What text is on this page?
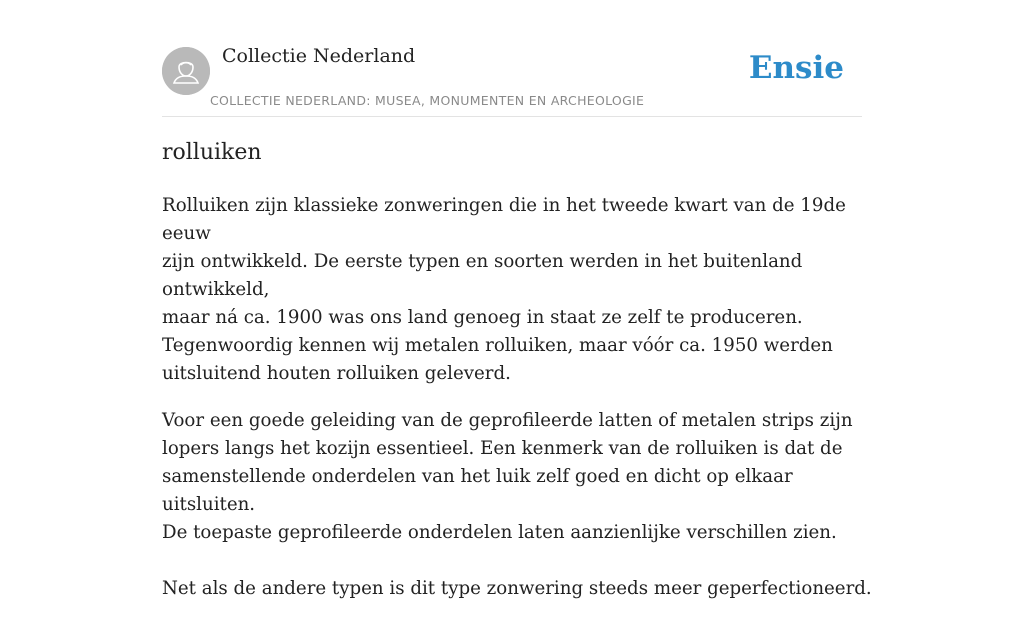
Collectie Nederland
COLLECTIE NEDERLAND: MUSEA, MONUMENTEN EN ARCHEOLOGIE
Ensie
rolluiken

Rolluiken zijn klassieke zonweringen die in het tweede kwart van de 19de eeuw
zijn ontwikkeld. De eerste typen en soorten werden in het buitenland ontwikkeld,
maar ná ca. 1900 was ons land genoeg in staat ze zelf te produceren.
Tegenwoordig kennen wij metalen rolluiken, maar vóór ca. 1950 werden
uitsluitend houten rolluiken geleverd.

Voor een goede geleiding van de geprofileerde latten of metalen strips zijn
lopers langs het kozijn essentieel. Een kenmerk van de rolluiken is dat de
samenstellende onderdelen van het luik zelf goed en dicht op elkaar uitsluiten.
De toepaste geprofileerde onderdelen laten aanzienlijke verschillen zien.

Net als de andere typen is dit type zonwering steeds meer geperfectioneerd.
